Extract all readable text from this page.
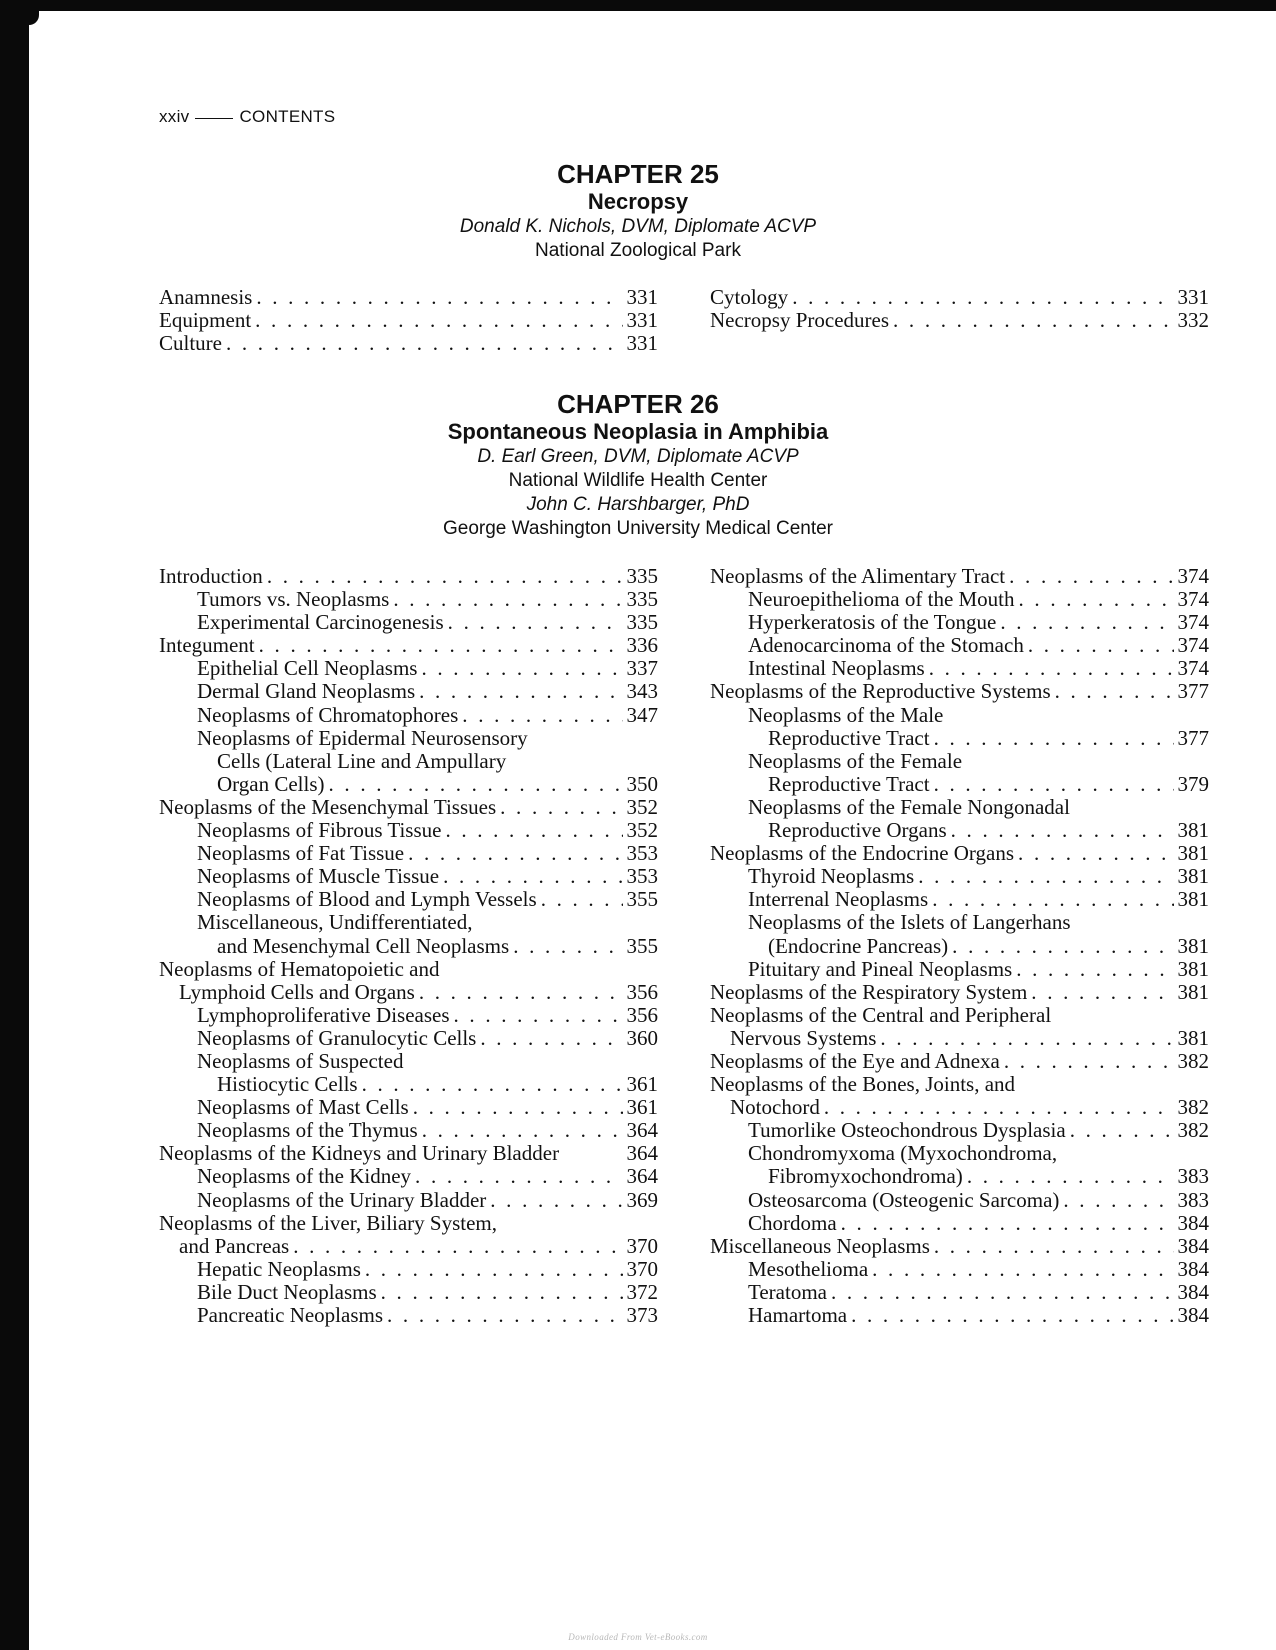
xxiv	CONTENTS
CHAPTER 25
Necropsy
Donald K. Nichols, DVM, Diplomate ACVP
National Zoological Park
Anamnesis . . .	331
Equipment . . .	331
Culture . . .	331
Cytology . . .	331
Necropsy Procedures . . .	332
CHAPTER 26
Spontaneous Neoplasia in Amphibia
D. Earl Green, DVM, Diplomate ACVP
National Wildlife Health Center
John C. Harshbarger, PhD
George Washington University Medical Center
Introduction . . .	335
Tumors vs. Neoplasms . . .	335
Experimental Carcinogenesis . . .	335
Integument . . .	336
Epithelial Cell Neoplasms . . .	337
Dermal Gland Neoplasms . . .	343
Neoplasms of Chromatophores . . .	347
Neoplasms of Epidermal Neurosensory
Cells (Lateral Line and Ampullary
Organ Cells) . . .	350
Neoplasms of the Mesenchymal Tissues . . .	352
Neoplasms of Fibrous Tissue . . .	352
Neoplasms of Fat Tissue . . .	353
Neoplasms of Muscle Tissue . . .	353
Neoplasms of Blood and Lymph Vessels . . .	355
Miscellaneous, Undifferentiated,
and Mesenchymal Cell Neoplasms . . .	355
Neoplasms of Hematopoietic and
Lymphoid Cells and Organs . . .	356
Lymphoproliferative Diseases . . .	356
Neoplasms of Granulocytic Cells . . .	360
Neoplasms of Suspected
Histiocytic Cells . . .	361
Neoplasms of Mast Cells . . .	361
Neoplasms of the Thymus . . .	364
Neoplasms of the Kidneys and Urinary Bladder	364
Neoplasms of the Kidney . . .	364
Neoplasms of the Urinary Bladder . . .	369
Neoplasms of the Liver, Biliary System,
and Pancreas . . .	370
Hepatic Neoplasms . . .	370
Bile Duct Neoplasms . . .	372
Pancreatic Neoplasms . . .	373
Neoplasms of the Alimentary Tract . . .	374
Neuroepithelioma of the Mouth . . .	374
Hyperkeratosis of the Tongue . . .	374
Adenocarcinoma of the Stomach . . .	374
Intestinal Neoplasms . . .	374
Neoplasms of the Reproductive Systems . . .	377
Neoplasms of the Male
Reproductive Tract . . .	377
Neoplasms of the Female
Reproductive Tract . . .	379
Neoplasms of the Female Nongonadal
Reproductive Organs . . .	381
Neoplasms of the Endocrine Organs . . .	381
Thyroid Neoplasms . . .	381
Interrenal Neoplasms . . .	381
Neoplasms of the Islets of Langerhans
(Endocrine Pancreas) . . .	381
Pituitary and Pineal Neoplasms . . .	381
Neoplasms of the Respiratory System . . .	381
Neoplasms of the Central and Peripheral
Nervous Systems . . .	381
Neoplasms of the Eye and Adnexa . . .	382
Neoplasms of the Bones, Joints, and
Notochord . . .	382
Tumorlike Osteochondrous Dysplasia . . .	382
Chondromyxoma (Myxochondroma,
Fibromyxochondroma) . . .	383
Osteosarcoma (Osteogenic Sarcoma) . . .	383
Chordoma . . .	384
Miscellaneous Neoplasms . . .	384
Mesothelioma . . .	384
Teratoma . . .	384
Hamartoma . . .	384
Downloaded From Vet-eBooks.com
